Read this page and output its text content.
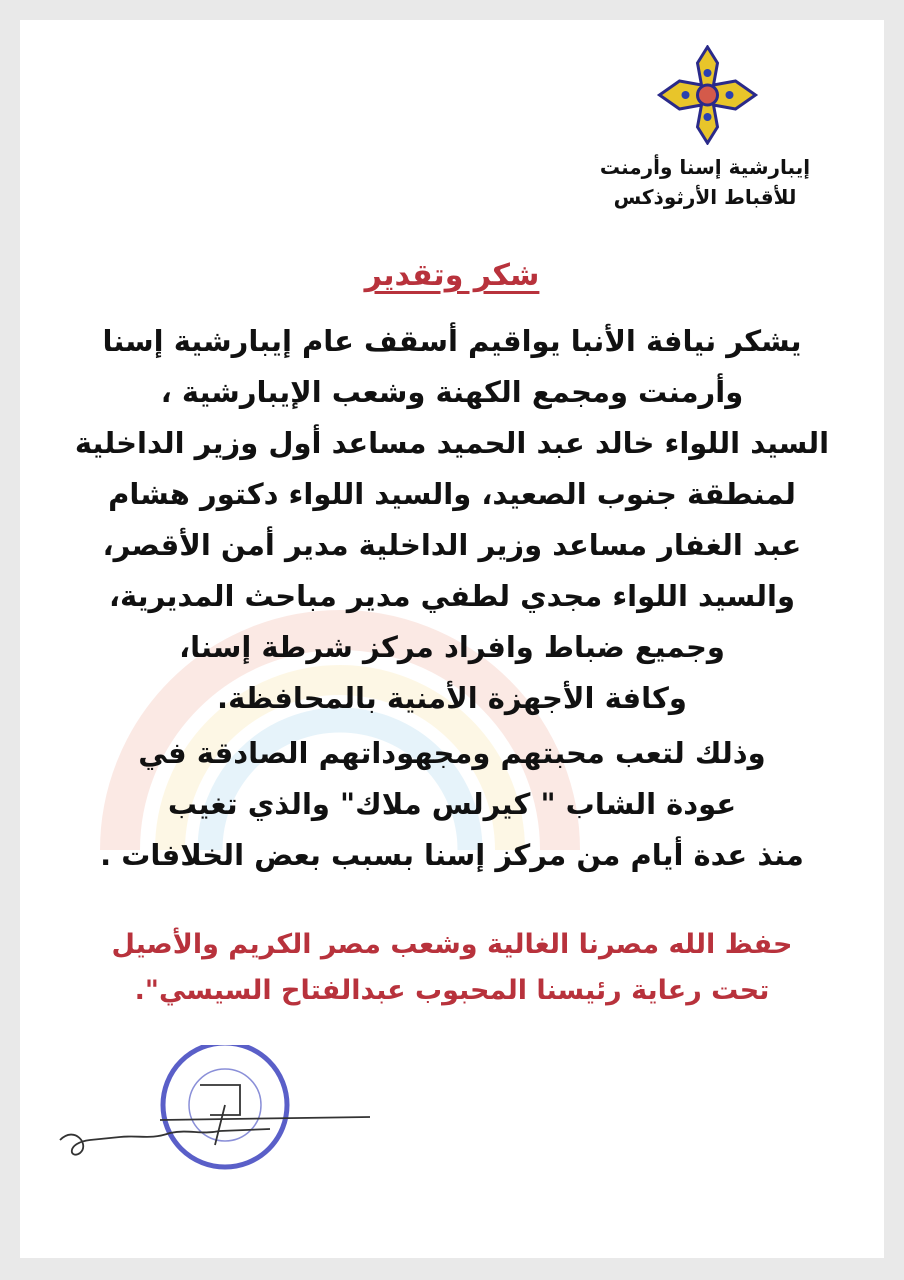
إيبارشية إسنا وأرمنت
للأقباط الأرثوذكس
شكر وتقدير
يشكر نيافة الأنبا يواقيم أسقف عام إيبارشية إسنا
وأرمنت ومجمع الكهنة وشعب الإيبارشية ،
السيد اللواء خالد عبد الحميد مساعد أول وزير الداخلية
لمنطقة جنوب الصعيد، والسيد اللواء دكتور هشام
عبد الغفار مساعد وزير الداخلية مدير أمن الأقصر،
والسيد اللواء مجدي لطفي مدير مباحث المديرية،
وجميع ضباط وافراد مركز شرطة إسنا،
وكافة الأجهزة الأمنية بالمحافظة.
وذلك لتعب محبتهم ومجهوداتهم الصادقة في
عودة الشاب " كيرلس ملاك" والذي تغيب
منذ عدة أيام من مركز إسنا بسبب بعض الخلافات .
حفظ الله مصرنا الغالية وشعب مصر الكريم والأصيل
تحت رعاية رئيسنا المحبوب عبدالفتاح السيسي".
